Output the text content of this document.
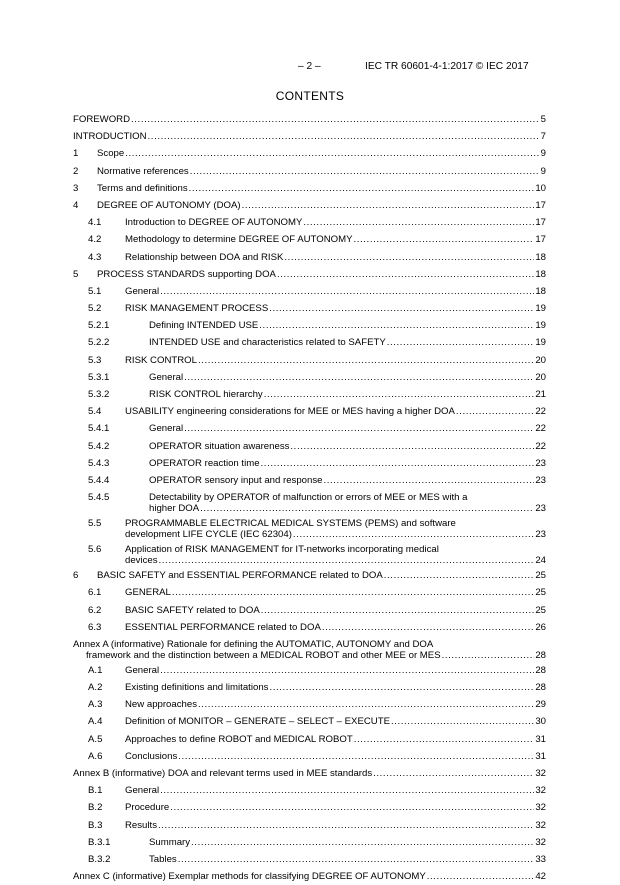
– 2 –	IEC TR 60601-4-1:2017 © IEC 2017
CONTENTS
FOREWORD .....	5
INTRODUCTION .....	7
1 Scope .....	9
2 Normative references .....	9
3 Terms and definitions .....	10
4 DEGREE OF AUTONOMY (DOA) .....	17
4.1 Introduction to DEGREE OF AUTONOMY .....	17
4.2 Methodology to determine DEGREE OF AUTONOMY .....	17
4.3 Relationship between DOA and RISK .....	18
5 PROCESS STANDARDS supporting DOA .....	18
5.1 General .....	18
5.2 RISK MANAGEMENT PROCESS .....	19
5.2.1	Defining INTENDED USE .....	19
5.2.2	INTENDED USE and characteristics related to SAFETY .....	19
5.3 RISK CONTROL .....	20
5.3.1	General .....	20
5.3.2	RISK CONTROL hierarchy .....	21
5.4 USABILITY engineering considerations for MEE or MES having a higher DOA .....	22
5.4.1	General .....	22
5.4.2	OPERATOR situation awareness .....	22
5.4.3	OPERATOR reaction time .....	23
5.4.4	OPERATOR sensory input and response .....	23
5.4.5	Detectability by OPERATOR of malfunction or errors of MEE or MES with a
higher DOA .....	23
5.5 PROGRAMMABLE ELECTRICAL MEDICAL SYSTEMS (PEMS) and software
development LIFE CYCLE (IEC 62304) .....	23
5.6 Application of RISK MANAGEMENT for IT-networks incorporating medical
devices .....	24
6 BASIC SAFETY and ESSENTIAL PERFORMANCE related to DOA .....	25
6.1 GENERAL .....	25
6.2 BASIC SAFETY related to DOA .....	25
6.3 ESSENTIAL PERFORMANCE related to DOA .....	26
Annex A (informative) Rationale for defining the AUTOMATIC, AUTONOMY and DOA
framework and the distinction between a MEDICAL ROBOT and other MEE or MES .....	28
A.1 General .....	28
A.2 Existing definitions and limitations .....	28
A.3 New approaches .....	29
A.4 Definition of MONITOR – GENERATE – SELECT – EXECUTE .....	30
A.5 Approaches to define ROBOT and MEDICAL ROBOT .....	31
A.6 Conclusions .....	31
Annex B (informative) DOA and relevant terms used in MEE standards .....	32
B.1 General .....	32
B.2 Procedure .....	32
B.3 Results .....	32
B.3.1	Summary .....	32
B.3.2	Tables .....	33
Annex C (informative) Exemplar methods for classifying DEGREE OF AUTONOMY .....	42
